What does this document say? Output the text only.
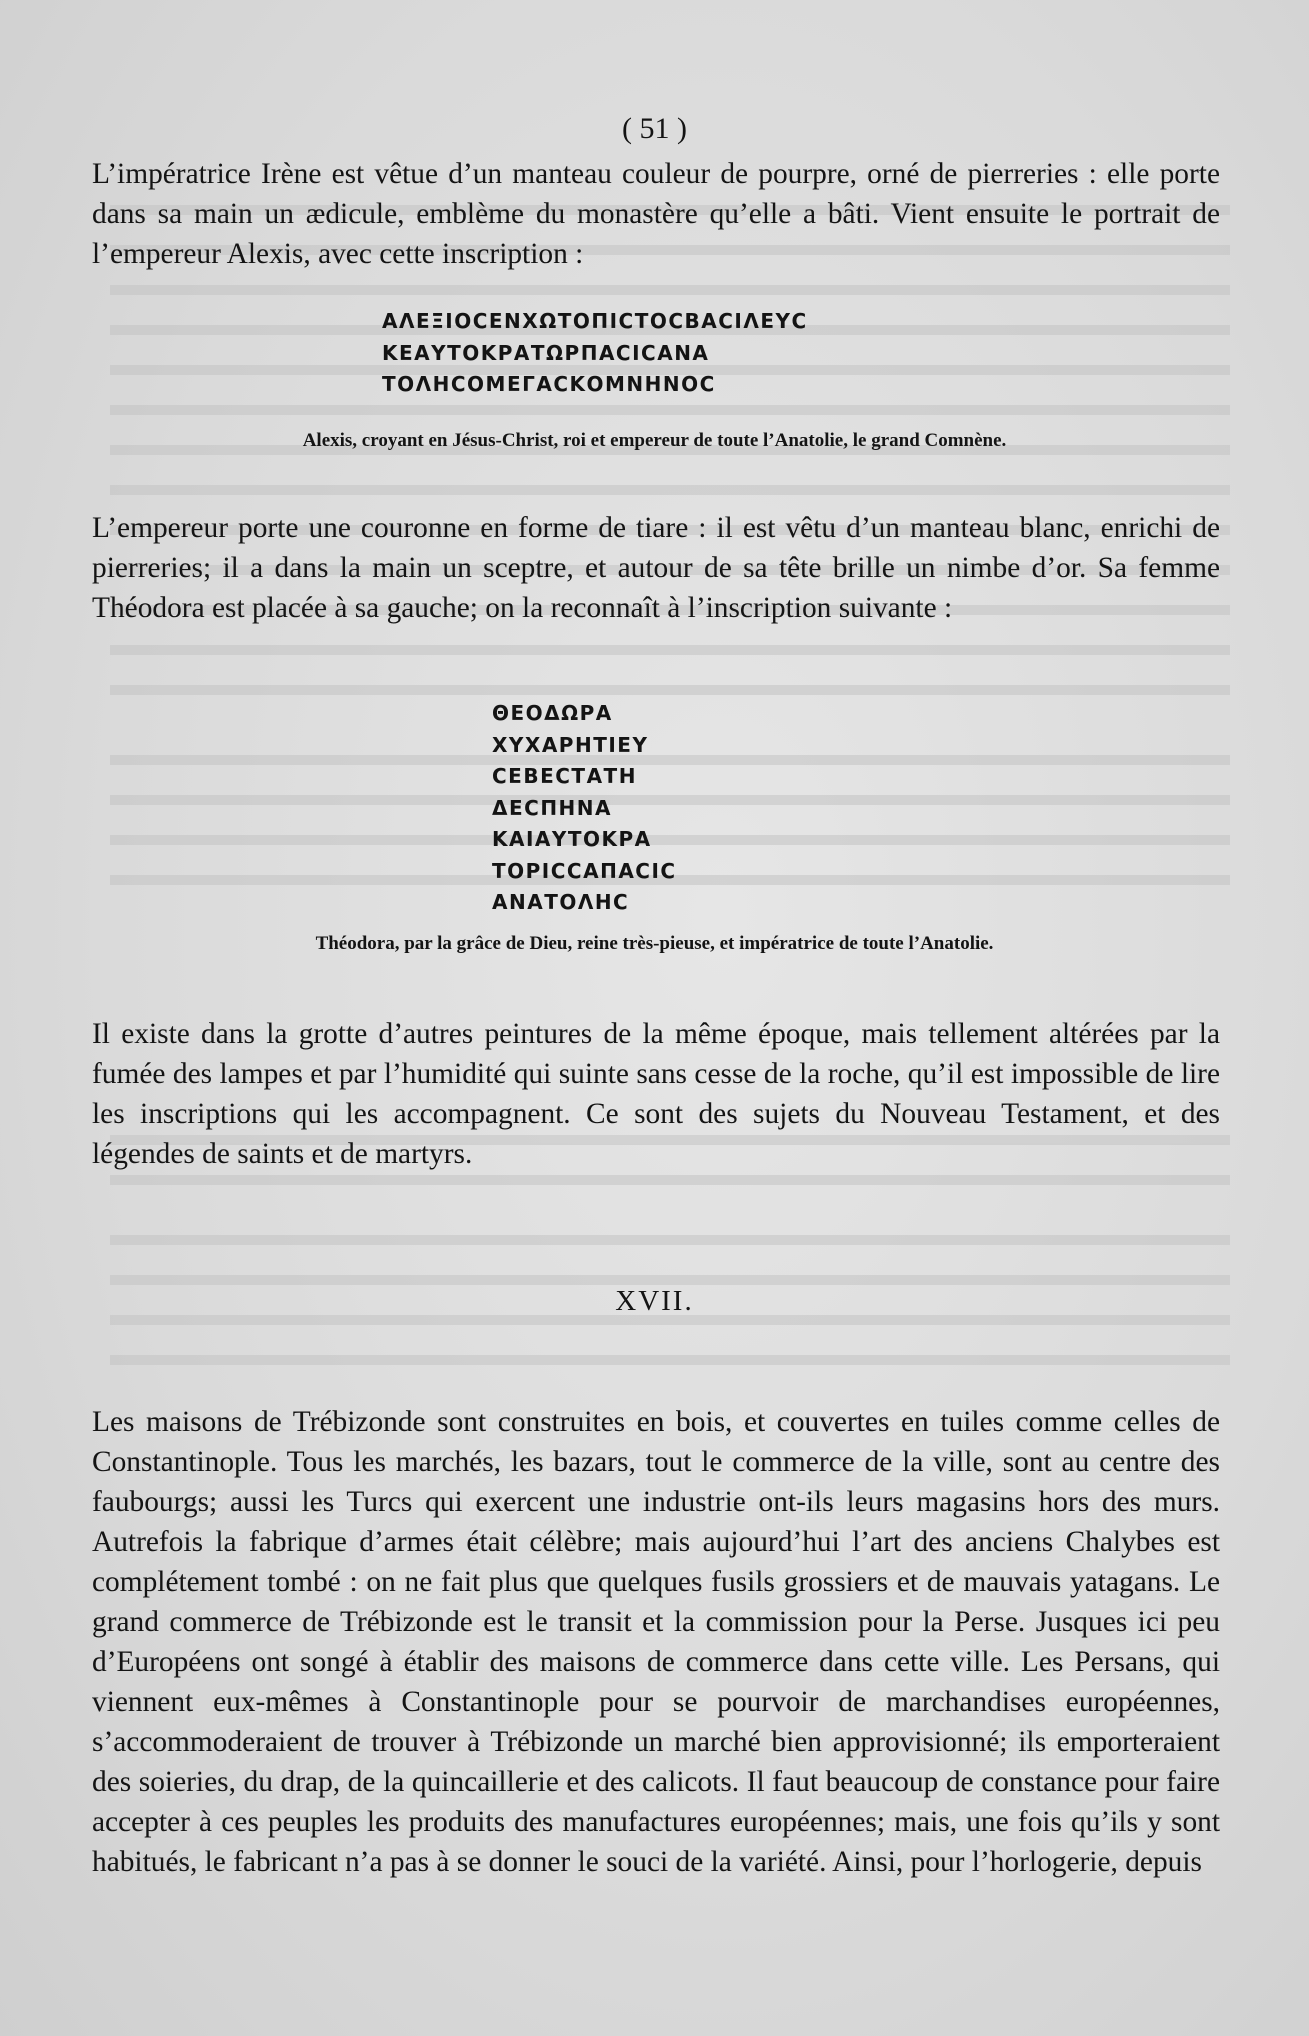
( 51 )

L’impératrice Irène est vêtue d’un manteau couleur de pourpre, orné de pierreries : elle porte dans sa main un ædicule, emblème du monastère qu’elle a bâti. Vient ensuite le portrait de l’empereur Alexis, avec cette inscription :

ΑΛΕΞΙΟϹΕΝΧΩΤΟΠΙϹΤΟϹΒΑϹΙΛΕΥϹ
ΚΕΑΥΤΟΚΡΑΤΩΡΠΑϹΙϹΑΝΑ
ΤΟΛΗϹΟΜΕΓΑϹΚΟΜΝΗΝΟϹ
Alexis, croyant en Jésus-Christ, roi et empereur de toute l’Anatolie, le grand Comnène.

L’empereur porte une couronne en forme de tiare : il est vêtu d’un manteau blanc, enrichi de pierreries; il a dans la main un sceptre, et autour de sa tête brille un nimbe d’or. Sa femme Théodora est placée à sa gauche; on la reconnaît à l’inscription suivante :

ΘΕΟΔΩΡΑ
ΧΥΧΑΡΗΤΙΕΥ
ϹΕΒΕϹΤΑΤΗ
ΔΕϹΠΗΝΑ
ΚΑΙΑΥΤΟΚΡΑ
ΤΟΡΙϹϹΑΠΑϹΙϹ
ΑΝΑΤΟΛΗϹ
Théodora, par la grâce de Dieu, reine très-pieuse, et impératrice de toute l’Anatolie.

Il existe dans la grotte d’autres peintures de la même époque, mais tellement altérées par la fumée des lampes et par l’humidité qui suinte sans cesse de la roche, qu’il est impossible de lire les inscriptions qui les accompagnent. Ce sont des sujets du Nouveau Testament, et des légendes de saints et de martyrs.

XVII.

Les maisons de Trébizonde sont construites en bois, et couvertes en tuiles comme celles de Constantinople. Tous les marchés, les bazars, tout le commerce de la ville, sont au centre des faubourgs; aussi les Turcs qui exercent une industrie ont-ils leurs magasins hors des murs. Autrefois la fabrique d’armes était célèbre; mais aujourd’hui l’art des anciens Chalybes est complétement tombé : on ne fait plus que quelques fusils grossiers et de mauvais yatagans. Le grand commerce de Trébizonde est le transit et la commission pour la Perse. Jusques ici peu d’Européens ont songé à établir des maisons de commerce dans cette ville. Les Persans, qui viennent eux-mêmes à Constantinople pour se pourvoir de marchandises européennes, s’accommoderaient de trouver à Trébizonde un marché bien approvisionné; ils emporteraient des soieries, du drap, de la quincaillerie et des calicots. Il faut beaucoup de constance pour faire accepter à ces peuples les produits des manufactures européennes; mais, une fois qu’ils y sont habitués, le fabricant n’a pas à se donner le souci de la variété. Ainsi, pour l’horlogerie, depuis
